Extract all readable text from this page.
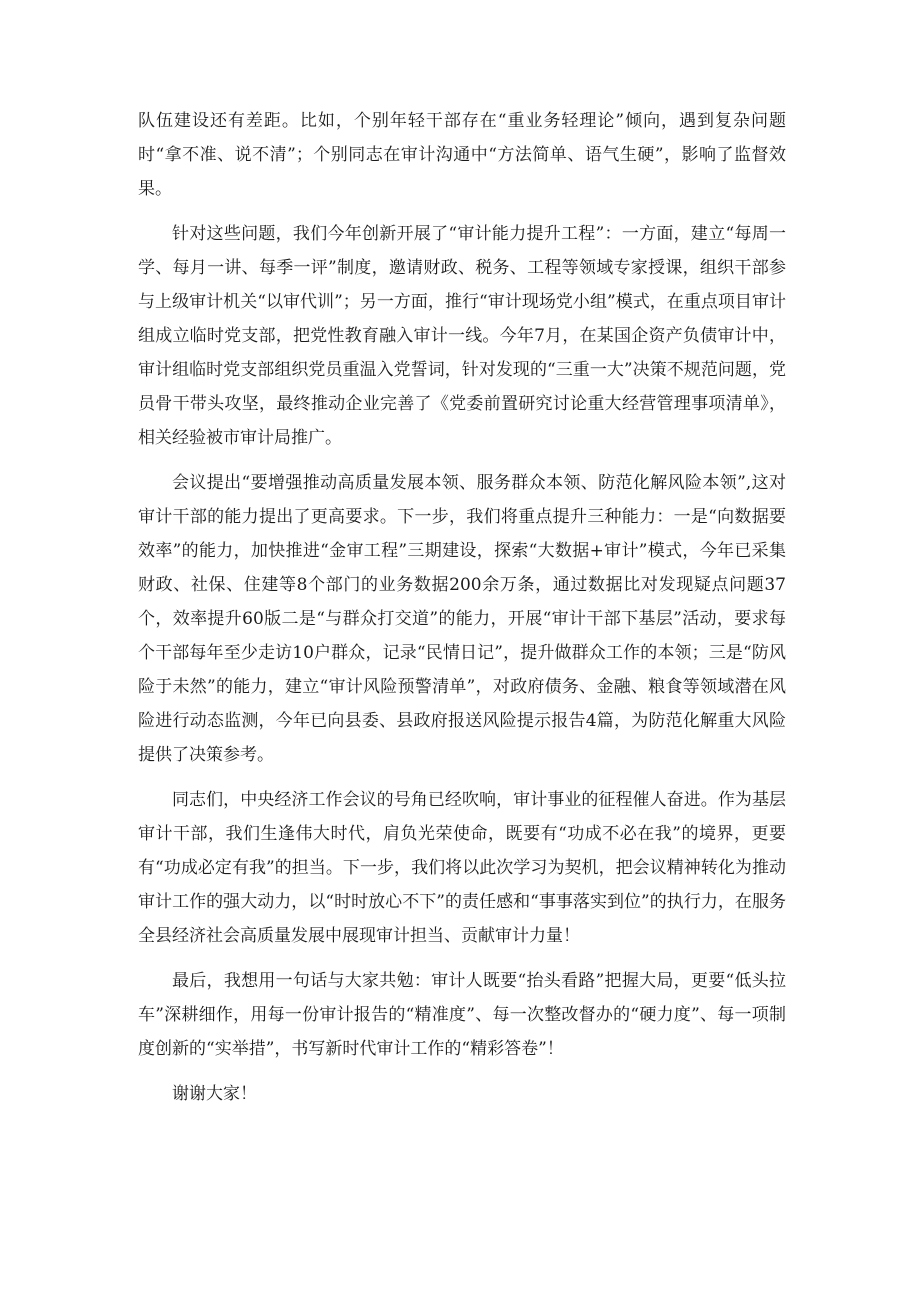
队伍建设还有差距。比如，个别年轻干部存在“重业务轻理论”倾向，遇到复杂问题时“拿不准、说不清”；个别同志在审计沟通中“方法简单、语气生硬”，影响了监督效果。

针对这些问题，我们今年创新开展了“审计能力提升工程”：一方面，建立“每周一学、每月一讲、每季一评”制度，邀请财政、税务、工程等领域专家授课，组织干部参与上级审计机关“以审代训”；另一方面，推行“审计现场党小组”模式，在重点项目审计组成立临时党支部，把党性教育融入审计一线。今年7月，在某国企资产负债审计中，审计组临时党支部组织党员重温入党誓词，针对发现的“三重一大”决策不规范问题，党员骨干带头攻坚，最终推动企业完善了《党委前置研究讨论重大经营管理事项清单》，相关经验被市审计局推广。

会议提出“要增强推动高质量发展本领、服务群众本领、防范化解风险本领”,这对审计干部的能力提出了更高要求。下一步，我们将重点提升三种能力：一是“向数据要效率”的能力，加快推进“金审工程”三期建设，探索“大数据+审计”模式，今年已采集财政、社保、住建等8个部门的业务数据200余万条，通过数据比对发现疑点问题37个，效率提升60版二是“与群众打交道”的能力，开展“审计干部下基层”活动，要求每个干部每年至少走访10户群众，记录“民情日记”，提升做群众工作的本领；三是“防风险于未然”的能力，建立“审计风险预警清单”，对政府债务、金融、粮食等领域潜在风险进行动态监测，今年已向县委、县政府报送风险提示报告4篇，为防范化解重大风险提供了决策参考。

同志们，中央经济工作会议的号角已经吹响，审计事业的征程催人奋进。作为基层审计干部，我们生逢伟大时代，肩负光荣使命，既要有“功成不必在我”的境界，更要有“功成必定有我”的担当。下一步，我们将以此次学习为契机，把会议精神转化为推动审计工作的强大动力，以“时时放心不下”的责任感和“事事落实到位”的执行力，在服务全县经济社会高质量发展中展现审计担当、贡献审计力量！

最后，我想用一句话与大家共勉：审计人既要“抬头看路”把握大局，更要“低头拉车”深耕细作，用每一份审计报告的“精准度”、每一次整改督办的“硬力度”、每一项制度创新的“实举措”，书写新时代审计工作的“精彩答卷”！

谢谢大家！
